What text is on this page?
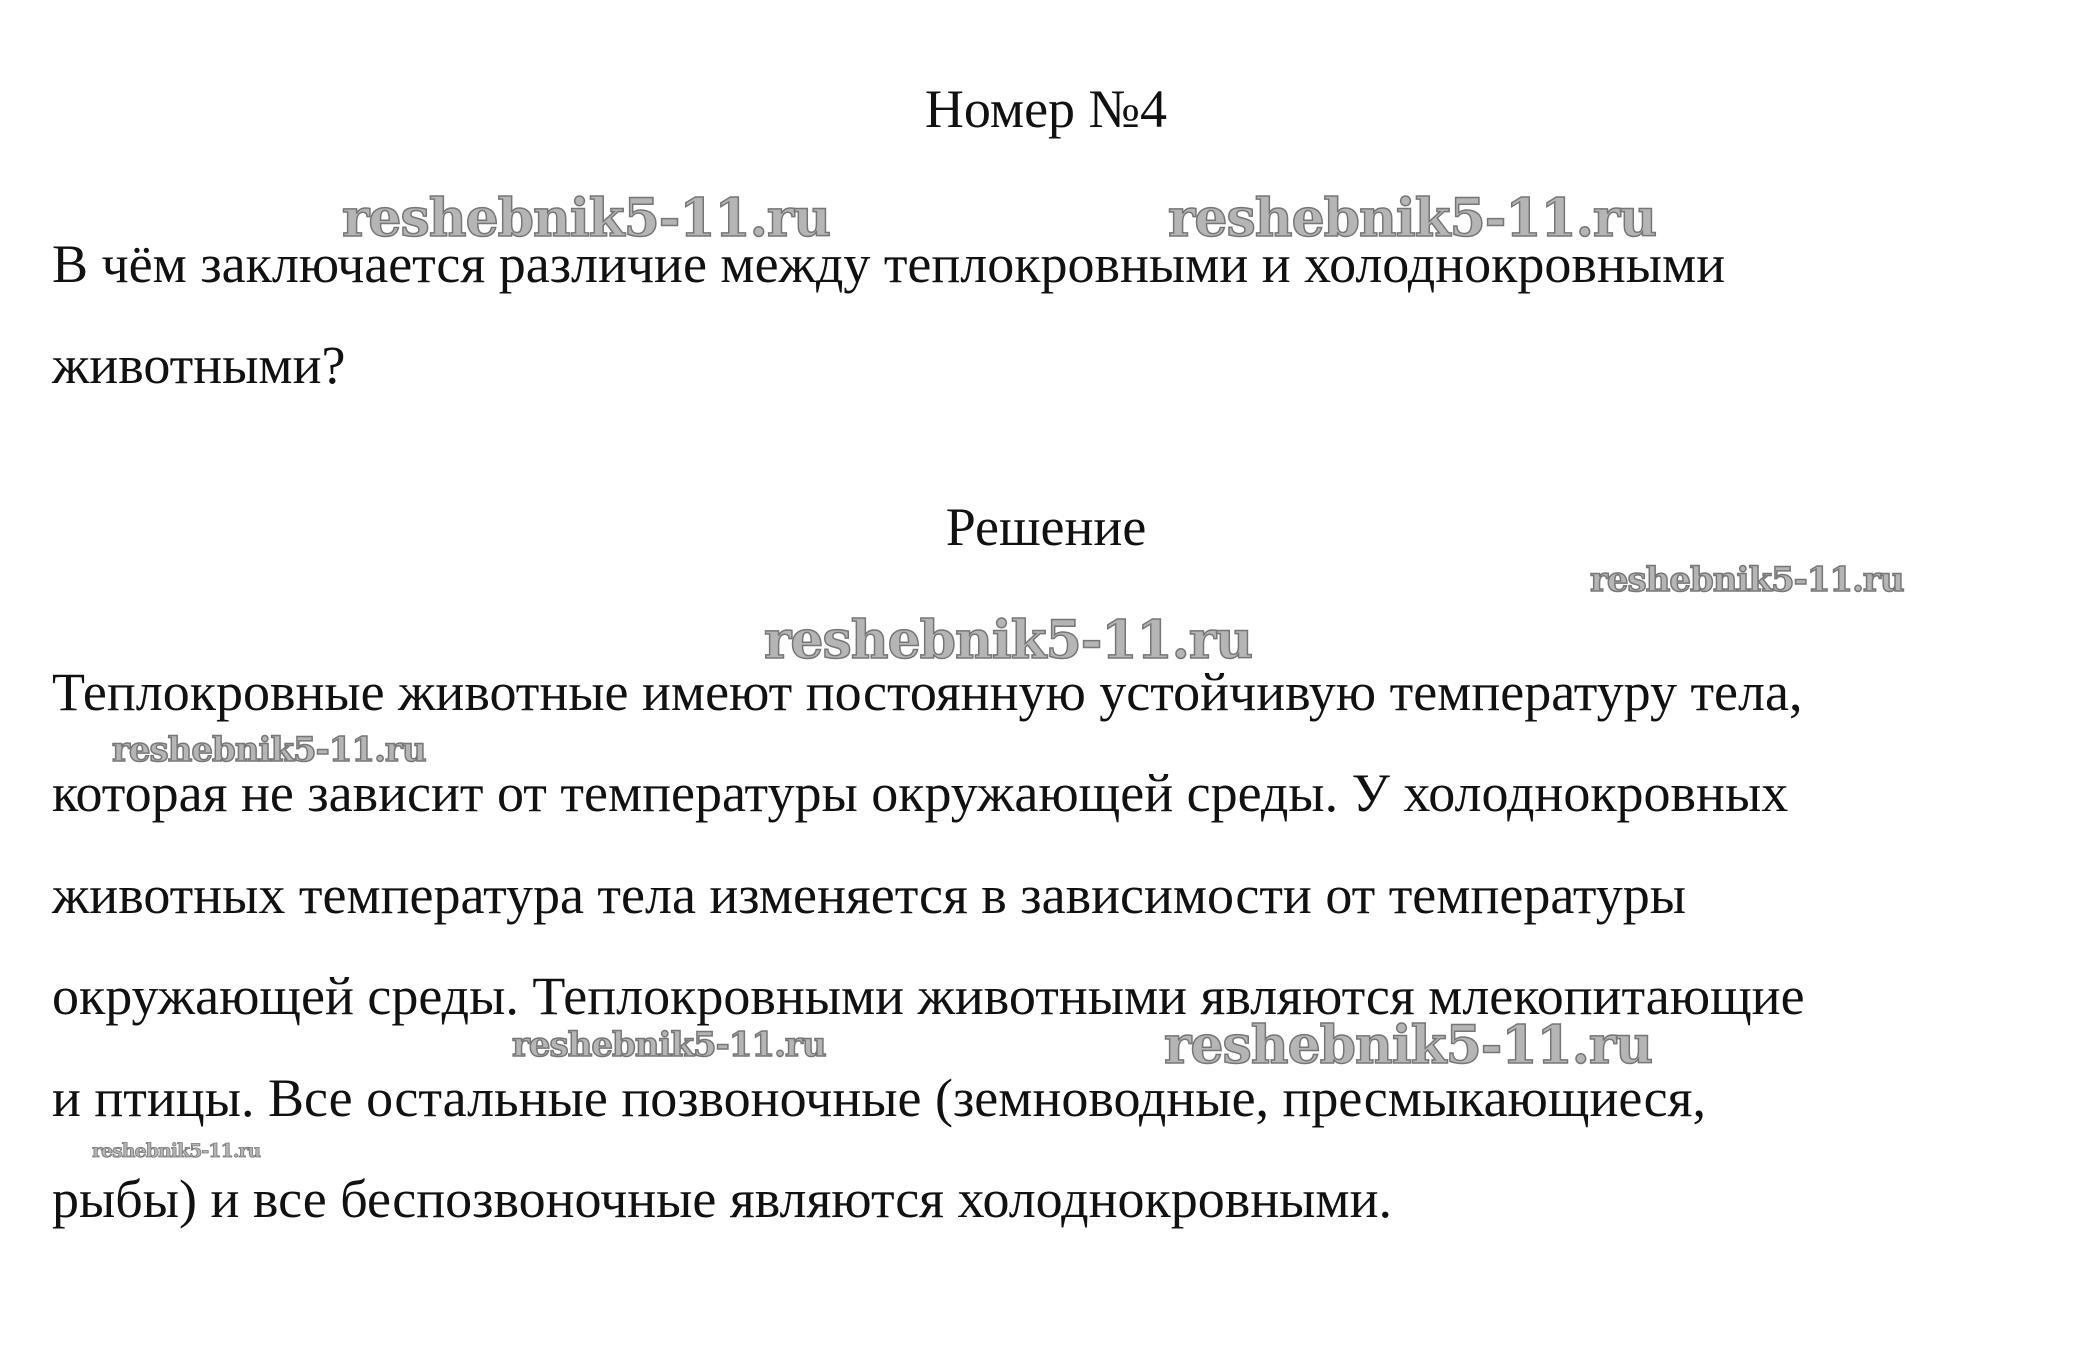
Номер №4
В чём заключается различие между теплокровными и холоднокровными
животными?
Решение
Теплокровные животные имеют постоянную устойчивую температуру тела,
которая не зависит от температуры окружающей среды. У холоднокровных
животных температура тела изменяется в зависимости от температуры
окружающей среды. Теплокровными животными являются млекопитающие
и птицы. Все остальные позвоночные (земноводные, пресмыкающиеся,
рыбы) и все беспозвоночные являются холоднокровными.
reshebnik5-11.ru	reshebnik5-11.ru
reshebnik5-11.ru
reshebnik5-11.ru
reshebnik5-11.ru
reshebnik5-11.ru	reshebnik5-11.ru
reshebnik5-11.ru
